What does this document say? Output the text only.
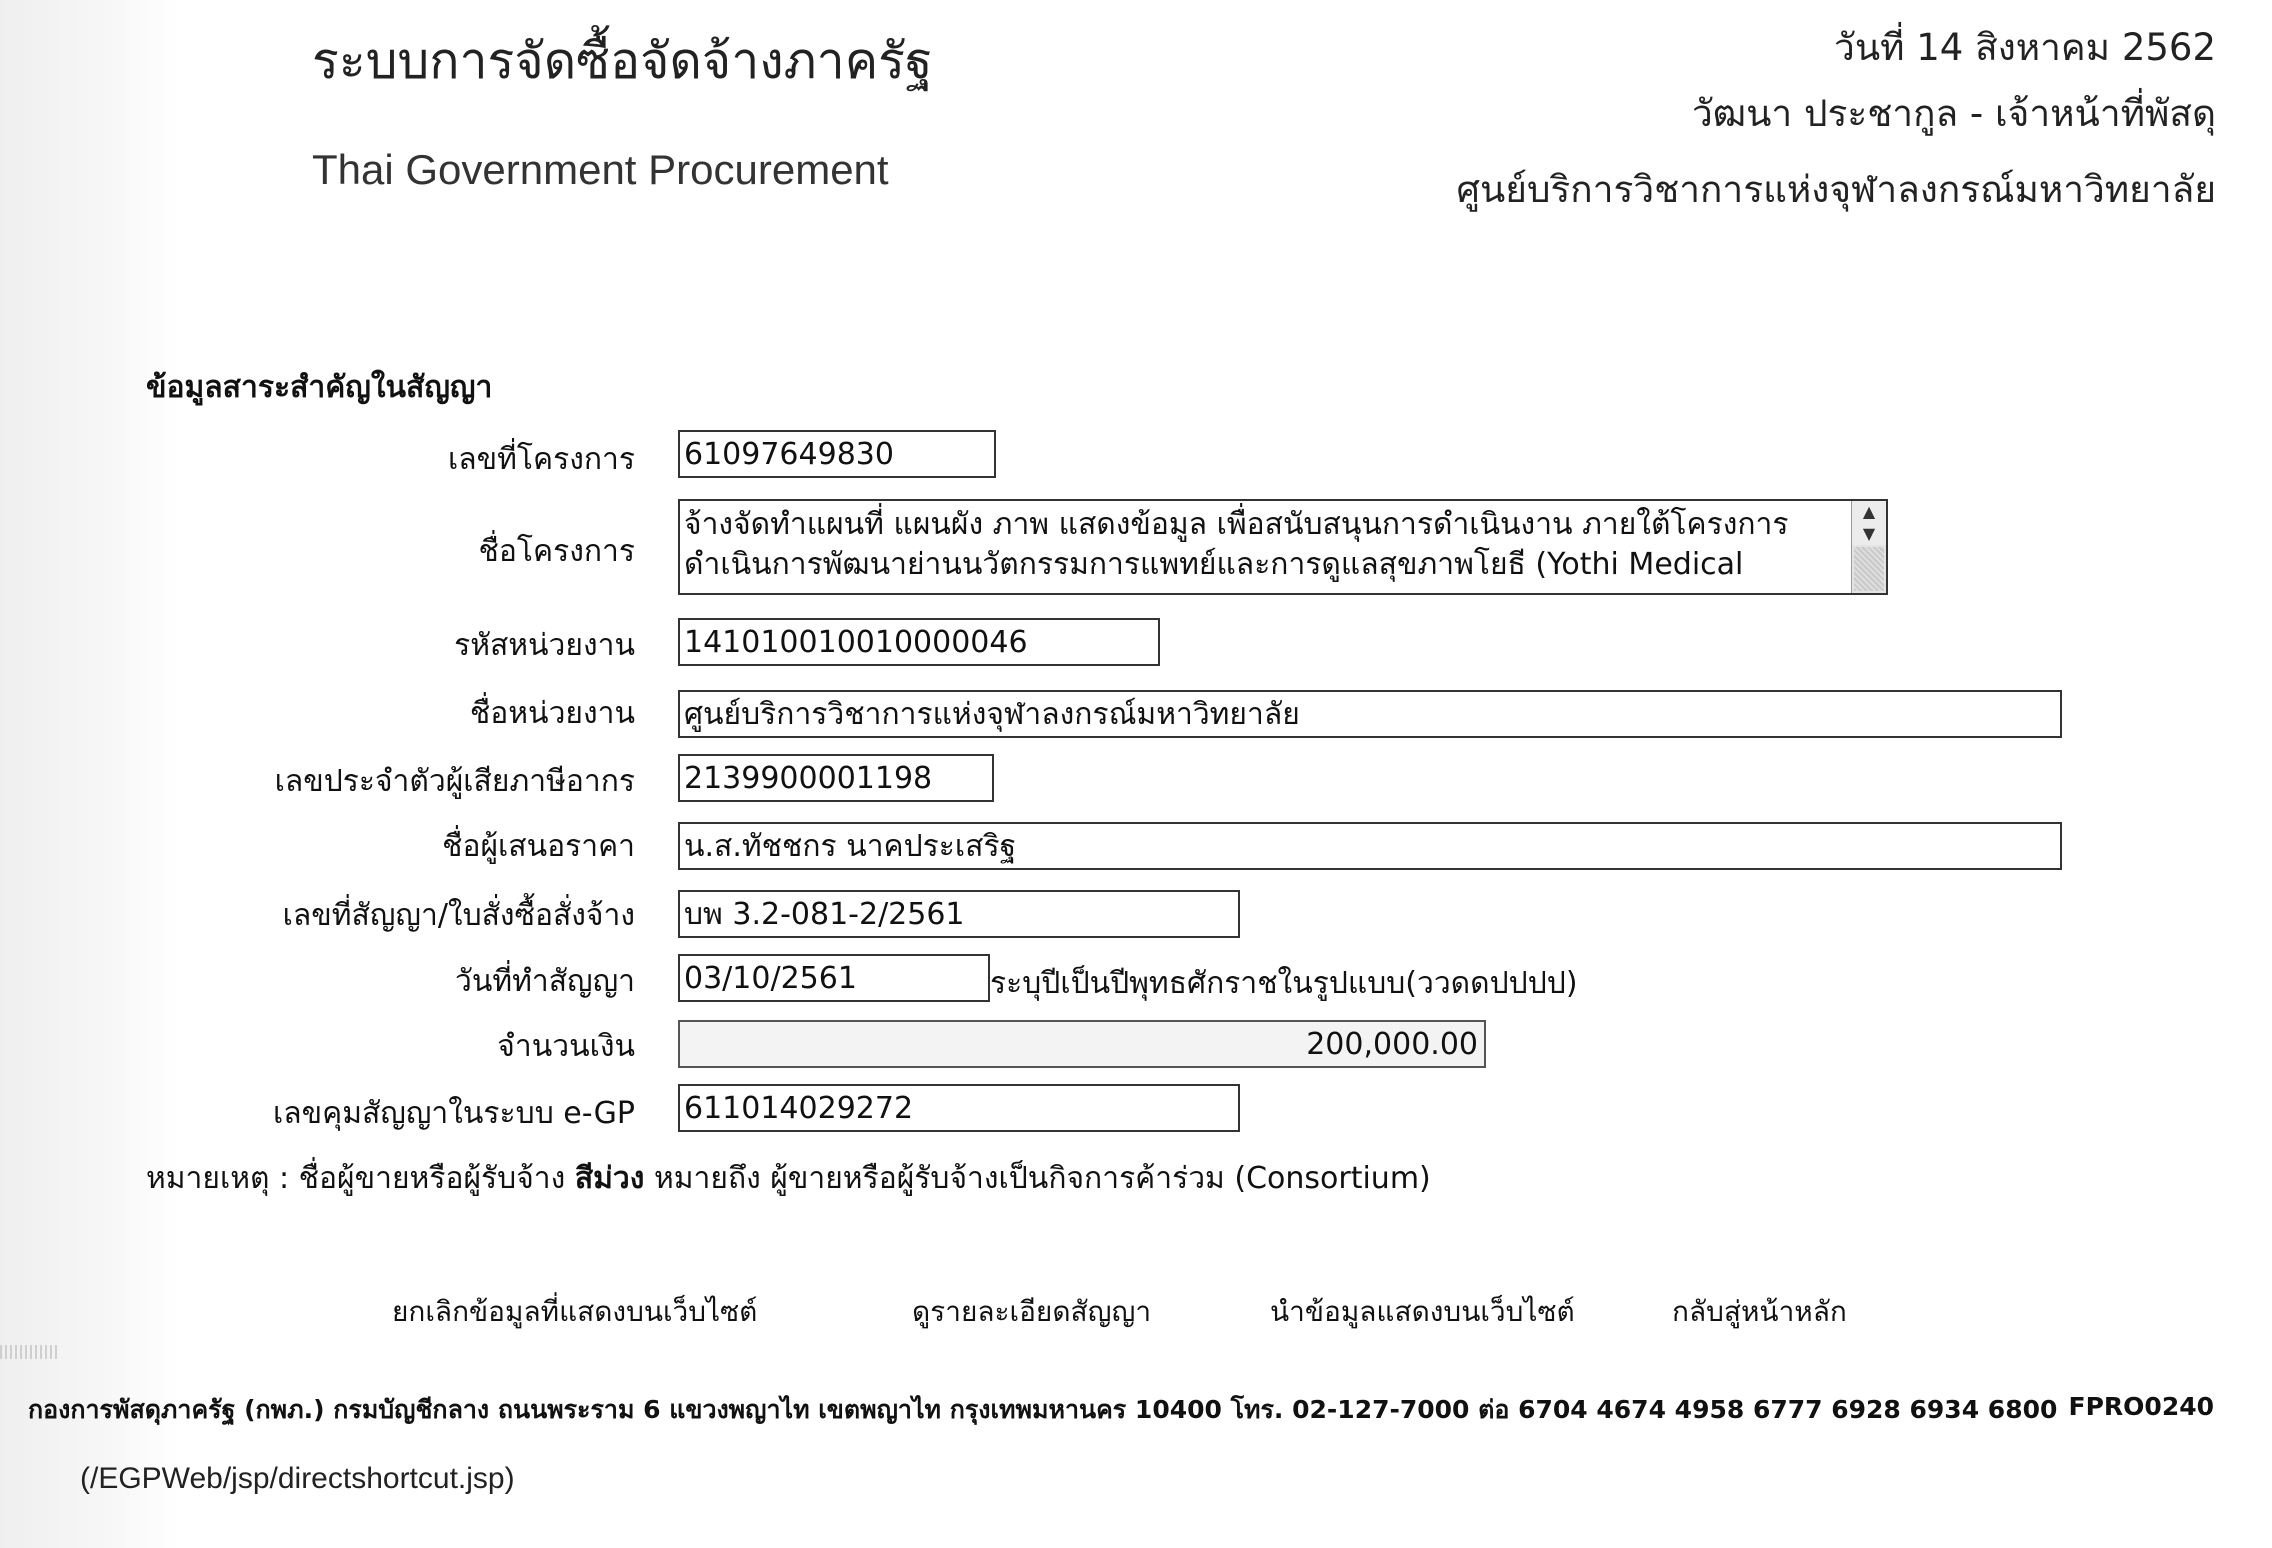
ระบบการจัดซื้อจัดจ้างภาครัฐ
Thai Government Procurement
วันที่ 14 สิงหาคม 2562
วัฒนา ประชากูล - เจ้าหน้าที่พัสดุ
ศูนย์บริการวิชาการแห่งจุฬาลงกรณ์มหาวิทยาลัย
ข้อมูลสาระสำคัญในสัญญา
เลขที่โครงการ 61097649830
ชื่อโครงการ
จ้างจัดทำแผนที่ แผนผัง ภาพ แสดงข้อมูล เพื่อสนับสนุนการดำเนินงาน ภายใต้โครงการ
ดำเนินการพัฒนาย่านนวัตกรรมการแพทย์และการดูแลสุขภาพโยธี (Yothi Medical
▲
▼
รหัสหน่วยงาน 141010010010000046
ชื่อหน่วยงาน ศูนย์บริการวิชาการแห่งจุฬาลงกรณ์มหาวิทยาลัย
เลขประจำตัวผู้เสียภาษีอากร 2139900001198
ชื่อผู้เสนอราคา น.ส.ทัชชกร นาคประเสริฐ
เลขที่สัญญา/ใบสั่งซื้อสั่งจ้าง บพ 3.2-081-2/2561
วันที่ทำสัญญา 03/10/2561	ระบุปีเป็นปีพุทธศักราชในรูปแบบ(ววดดปปปป)
จำนวนเงิน	200,000.00
เลขคุมสัญญาในระบบ e-GP 611014029272
หมายเหตุ : ชื่อผู้ขายหรือผู้รับจ้าง สีม่วง หมายถึง ผู้ขายหรือผู้รับจ้างเป็นกิจการค้าร่วม (Consortium)
ยกเลิกข้อมูลที่แสดงบนเว็บไซต์	ดูรายละเอียดสัญญา	นำข้อมูลแสดงบนเว็บไซต์	กลับสู่หน้าหลัก
กองการพัสดุภาครัฐ (กพภ.) กรมบัญชีกลาง ถนนพระราม 6 แขวงพญาไท เขตพญาไท กรุงเทพมหานคร 10400 โทร. 02-127-7000 ต่อ 6704 4674 4958 6777 6928 6934 6800 FPRO0240
(/EGPWeb/jsp/directshortcut.jsp)
